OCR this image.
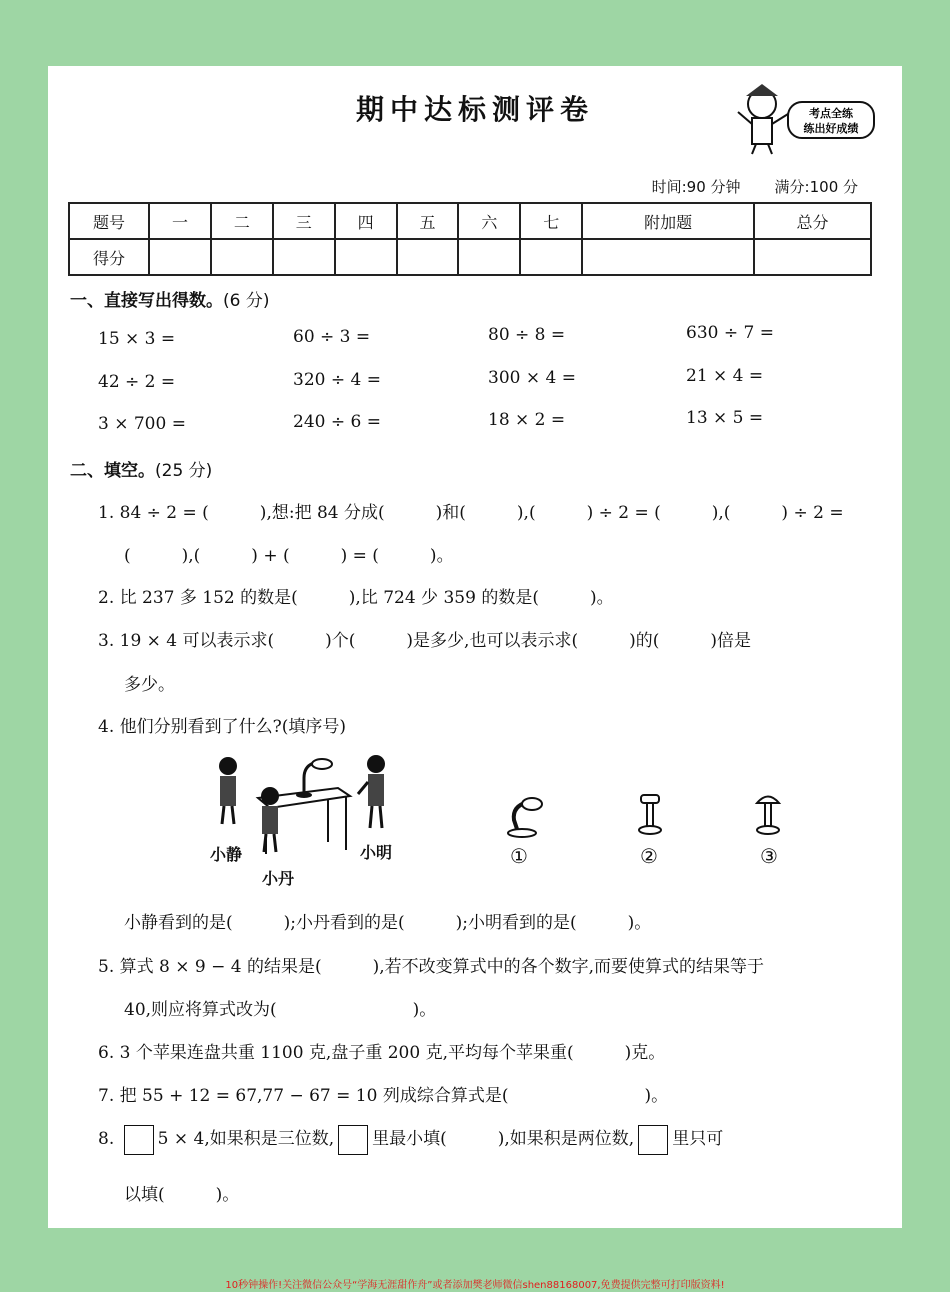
期中达标测评卷	考点全练
练出好成绩
时间:90 分钟 满分:100 分
题号	一	二	三	四	五	六	七	附加题	总分
得分									
一、直接写出得数。(6 分)
15 × 3 =	60 ÷ 3 =	80 ÷ 8 =	630 ÷ 7 =
42 ÷ 2 =	320 ÷ 4 =	300 × 4 =	21 × 4 =
3 × 700 =	240 ÷ 6 =	18 × 2 =	13 × 5 =
二、填空。(25 分)
1. 84 ÷ 2 = (　　　),想:把 84 分成(　　　)和(　　　),(　　　) ÷ 2 = (　　　),(　　　) ÷ 2 =
(　　　),(　　　) + (　　　) = (　　　)。
2. 比 237 多 152 的数是(　　　),比 724 少 359 的数是(　　　)。
3. 19 × 4 可以表示求(　　　)个(　　　)是多少,也可以表示求(　　　)的(　　　)倍是
多少。
4. 他们分别看到了什么?(填序号)
小静
小丹
小明	①	②	③
小静看到的是(　　　);小丹看到的是(　　　);小明看到的是(　　　)。
5. 算式 8 × 9 − 4 的结果是(　　　),若不改变算式中的各个数字,而要使算式的结果等于
40,则应将算式改为(　　　　　　　　)。
6. 3 个苹果连盘共重 1100 克,盘子重 200 克,平均每个苹果重(　　　)克。
7. 把 55 + 12 = 67,77 − 67 = 10 列成综合算式是(　　　　　　　　)。
8.	5 × 4,如果积是三位数, 里最小填(　　　),如果积是两位数, 里只可
以填(　　　)。
10秒钟操作!关注微信公众号“学海无涯甜作舟”或者添加樊老师微信shen88168007,免费提供完整可打印版资料!
